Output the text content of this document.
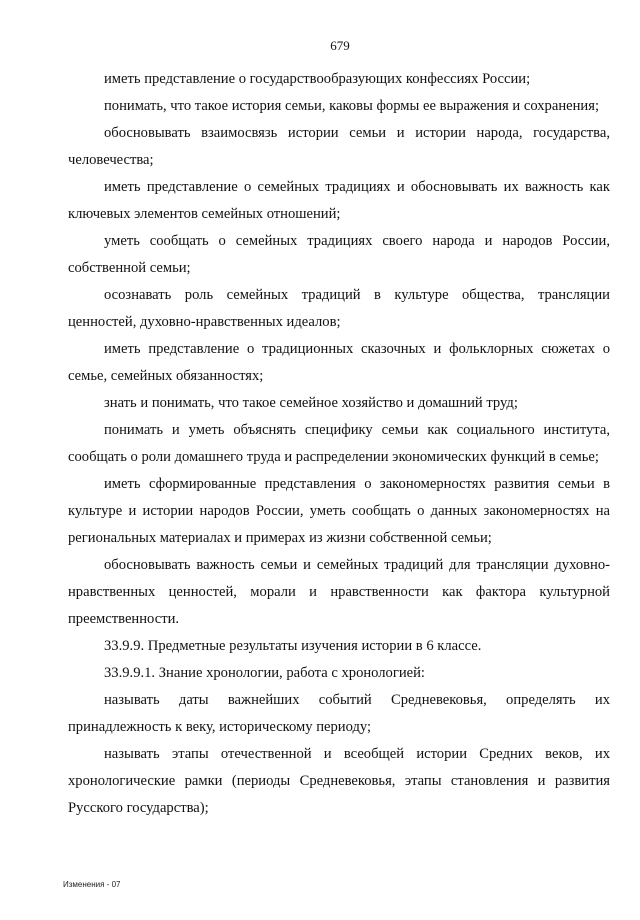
679

иметь представление о государствообразующих конфессиях России;

понимать, что такое история семьи, каковы формы ее выражения и сохранения;

обосновывать взаимосвязь истории семьи и истории народа, государства, человечества;

иметь представление о семейных традициях и обосновывать их важность как ключевых элементов семейных отношений;

уметь сообщать о семейных традициях своего народа и народов России, собственной семьи;

осознавать роль семейных традиций в культуре общества, трансляции ценностей, духовно-нравственных идеалов;

иметь представление о традиционных сказочных и фольклорных сюжетах о семье, семейных обязанностях;

знать и понимать, что такое семейное хозяйство и домашний труд;

понимать и уметь объяснять специфику семьи как социального института, сообщать о роли домашнего труда и распределении экономических функций в семье;

иметь сформированные представления о закономерностях развития семьи в культуре и истории народов России, уметь сообщать о данных закономерностях на региональных материалах и примерах из жизни собственной семьи;

обосновывать важность семьи и семейных традиций для трансляции духовно-нравственных ценностей, морали и нравственности как фактора культурной преемственности.

33.9.9. Предметные результаты изучения истории в 6 классе.

33.9.9.1. Знание хронологии, работа с хронологией:

называть даты важнейших событий Средневековья, определять их принадлежность к веку, историческому периоду;

называть этапы отечественной и всеобщей истории Средних веков, их хронологические рамки (периоды Средневековья, этапы становления и развития Русского государства);

Изменения - 07
